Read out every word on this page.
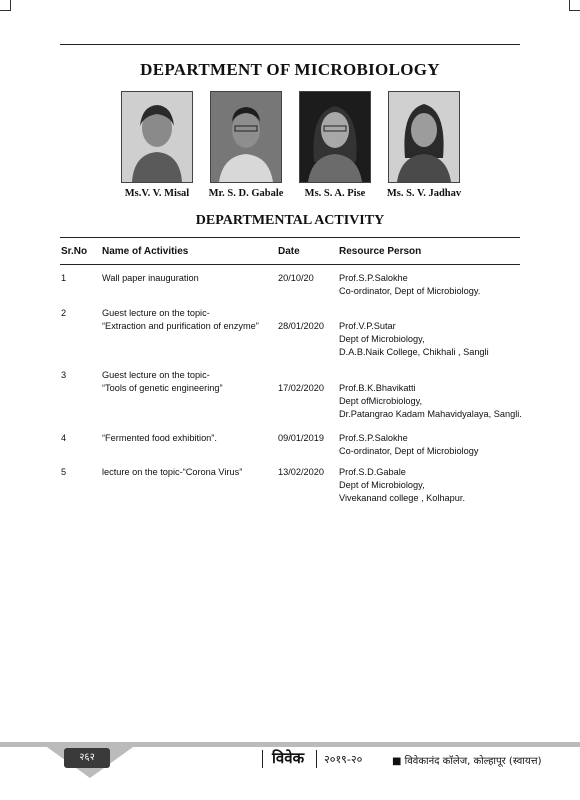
DEPARTMENT OF MICROBIOLOGY
Ms.V. V. Misal	Mr. S. D. Gabale	Ms. S. A. Pise	Ms. S. V. Jadhav
DEPARTMENTAL ACTIVITY
Sr.No Name of Activities	Date	Resource Person
1	Wall paper inauguration	20/10/20	Prof.S.P.Salokhe
Co-ordinator, Dept of Microbiology.
2	Guest lecture on the topic-
“Extraction and purification of enzyme” 28/01/2020 Prof.V.P.Sutar
Dept of Microbiology,
D.A.B.Naik College, Chikhali , Sangli
3	Guest lecture on the topic-
“Tools of genetic engineering”	17/02/2020 Prof.B.K.Bhavikatti
Dept ofMicrobiology,
Dr.Patangrao Kadam Mahavidyalaya, Sangli.
4	“Fermented food exhibition”.	09/01/2019 Prof.S.P.Salokhe
Co-ordinator, Dept of Microbiology
5	lecture on the topic-“Corona Virus”	13/02/2020 Prof.S.D.Gabale
Dept of Microbiology,
Vivekanand college , Kolhapur.
२६२	विवेक २०१९-२०	■ विवेकानंद कॉलेज, कोल्हापूर (स्वायत्त)
